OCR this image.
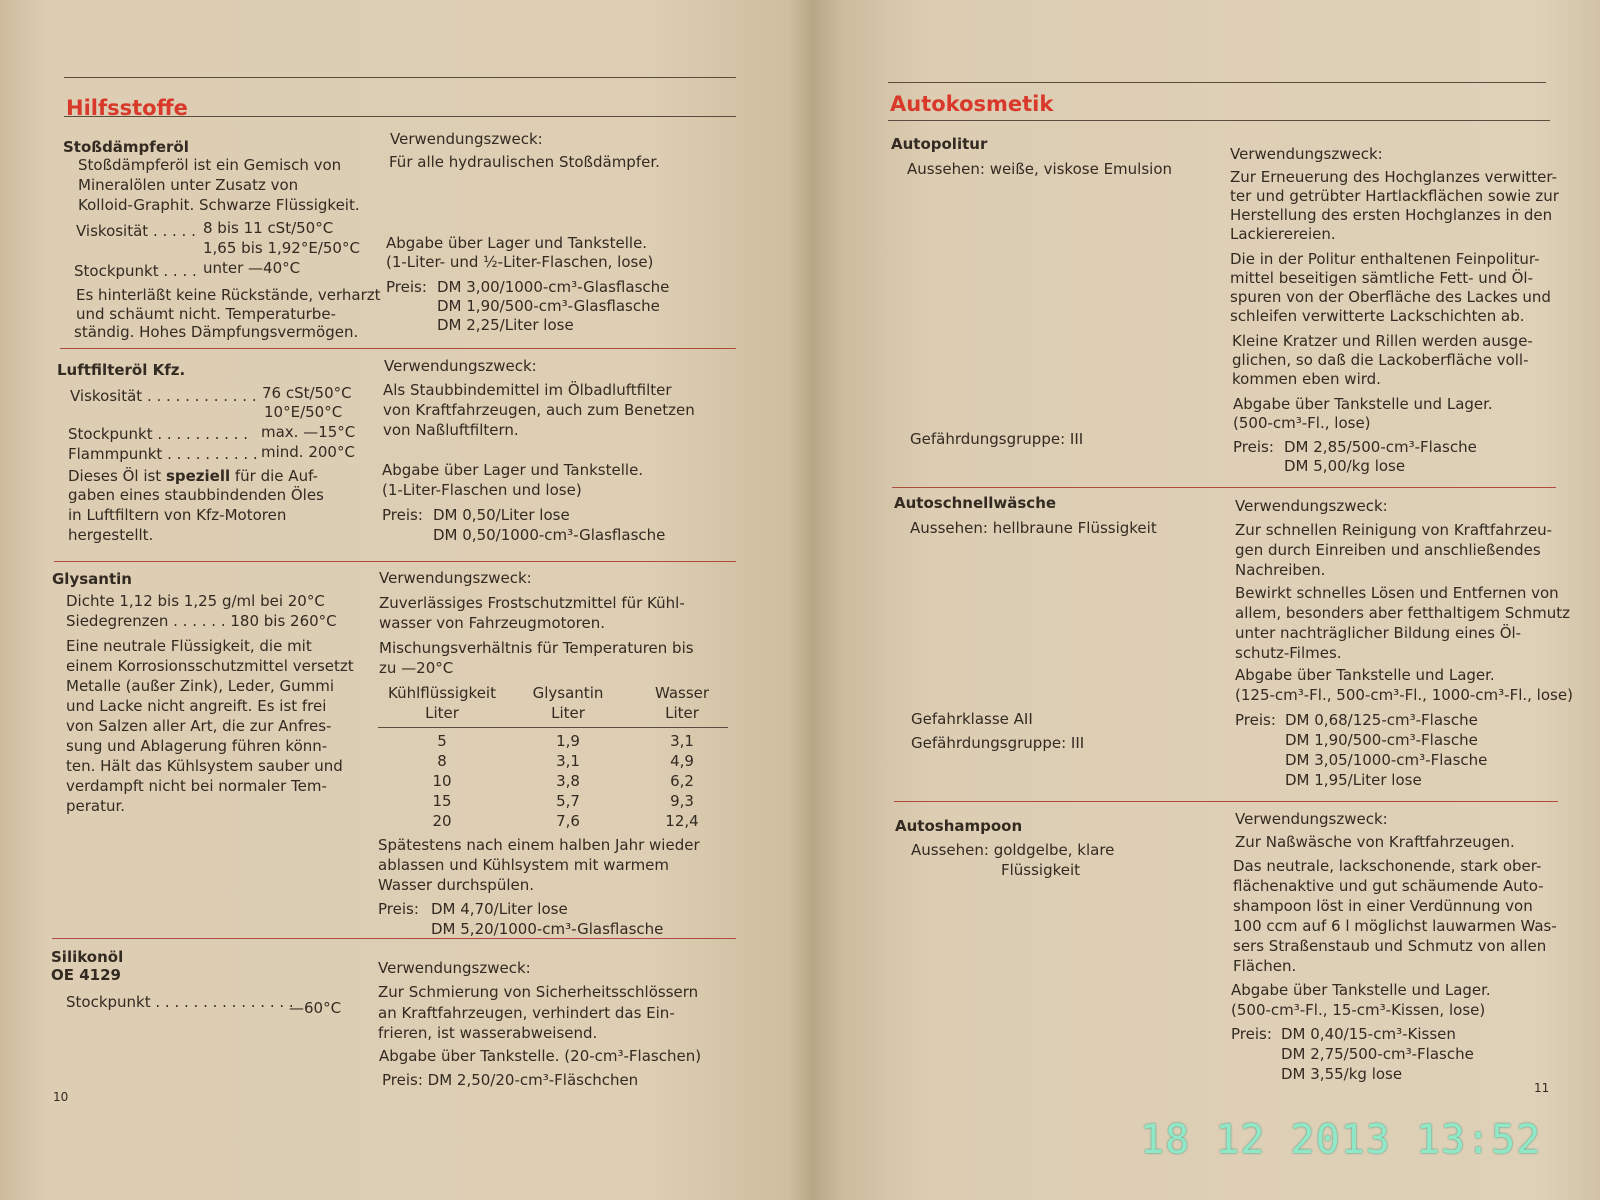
Hilfsstoffe
Stoßdämpferöl
Stoßdämpferöl ist ein Gemisch von
Mineralölen unter Zusatz von
Kolloid-Graphit. Schwarze Flüssigkeit.
Viskosität . . . . . 8 bis 11 cSt/50°C
1,65 bis 1,92°E/50°C
Stockpunkt . . . . unter —40°C
Es hinterläßt keine Rückstände, verharzt
und schäumt nicht. Temperaturbe-
ständig. Hohes Dämpfungsvermögen.
Verwendungszweck:
Für alle hydraulischen Stoßdämpfer.
Abgabe über Lager und Tankstelle.
(1-Liter- und ½-Liter-Flaschen, lose)
Preis: DM 3,00/1000-cm³-Glasflasche
DM 1,90/500-cm³-Glasflasche
DM 2,25/Liter lose
Luftfilteröl Kfz.
Viskosität . . . . . . . . . . . . 76 cSt/50°C
10°E/50°C
Stockpunkt . . . . . . . . . . max. —15°C
Flammpunkt . . . . . . . . . . mind. 200°C
Dieses Öl ist speziell für die Auf-
gaben eines staubbindenden Öles
in Luftfiltern von Kfz-Motoren
hergestellt.
Verwendungszweck:
Als Staubbindemittel im Ölbadluftfilter
von Kraftfahrzeugen, auch zum Benetzen
von Naßluftfiltern.
Abgabe über Lager und Tankstelle.
(1-Liter-Flaschen und lose)
Preis: DM 0,50/Liter lose
DM 0,50/1000-cm³-Glasflasche
Glysantin
Dichte 1,12 bis 1,25 g/ml bei 20°C
Siedegrenzen . . . . . . 180 bis 260°C
Eine neutrale Flüssigkeit, die mit
einem Korrosionsschutzmittel versetzt
Metalle (außer Zink), Leder, Gummi
und Lacke nicht angreift. Es ist frei
von Salzen aller Art, die zur Anfres-
sung und Ablagerung führen könn-
ten. Hält das Kühlsystem sauber und
verdampft nicht bei normaler Tem-
peratur.
Verwendungszweck:
Zuverlässiges Frostschutzmittel für Kühl-
wasser von Fahrzeugmotoren.
Mischungsverhältnis für Temperaturen bis
zu —20°C
Kühlflüssigkeit
Liter
Glysantin
Liter
Wasser
Liter
5	1,9	3,1
8	3,1	4,9
10	3,8	6,2
15	5,7	9,3
20	7,6	12,4
Spätestens nach einem halben Jahr wieder
ablassen und Kühlsystem mit warmem
Wasser durchspülen.
Preis: DM 4,70/Liter lose
DM 5,20/1000-cm³-Glasflasche
Silikonöl
OE 4129
Stockpunkt . . . . . . . . . . . . . . .
—60°C
Verwendungszweck:
Zur Schmierung von Sicherheitsschlössern
an Kraftfahrzeugen, verhindert das Ein-
frieren, ist wasserabweisend.
Abgabe über Tankstelle. (20-cm³-Flaschen)
Preis: DM 2,50/20-cm³-Fläschchen
10
Autokosmetik
Autopolitur
Aussehen: weiße, viskose Emulsion
Gefährdungsgruppe: III
Verwendungszweck:
Zur Erneuerung des Hochglanzes verwitter-
ter und getrübter Hartlackflächen sowie zur
Herstellung des ersten Hochglanzes in den
Lackierereien.
Die in der Politur enthaltenen Feinpolitur-
mittel beseitigen sämtliche Fett- und Öl-
spuren von der Oberfläche des Lackes und
schleifen verwitterte Lackschichten ab.
Kleine Kratzer und Rillen werden ausge-
glichen, so daß die Lackoberfläche voll-
kommen eben wird.
Abgabe über Tankstelle und Lager.
(500-cm³-Fl., lose)
Preis: DM 2,85/500-cm³-Flasche
DM 5,00/kg lose
Autoschnellwäsche
Aussehen: hellbraune Flüssigkeit
Gefahrklasse AII
Gefährdungsgruppe: III
Verwendungszweck:
Zur schnellen Reinigung von Kraftfahrzeu-
gen durch Einreiben und anschließendes
Nachreiben.
Bewirkt schnelles Lösen und Entfernen von
allem, besonders aber fetthaltigem Schmutz
unter nachträglicher Bildung eines Öl-
schutz-Filmes.
Abgabe über Tankstelle und Lager.
(125-cm³-Fl., 500-cm³-Fl., 1000-cm³-Fl., lose)
Preis: DM 0,68/125-cm³-Flasche
DM 1,90/500-cm³-Flasche
DM 3,05/1000-cm³-Flasche
DM 1,95/Liter lose
Autoshampoon
Aussehen: goldgelbe, klare
Flüssigkeit
Verwendungszweck:
Zur Naßwäsche von Kraftfahrzeugen.
Das neutrale, lackschonende, stark ober-
flächenaktive und gut schäumende Auto-
shampoon löst in einer Verdünnung von
100 ccm auf 6 l möglichst lauwarmen Was-
sers Straßenstaub und Schmutz von allen
Flächen.
Abgabe über Tankstelle und Lager.
(500-cm³-Fl., 15-cm³-Kissen, lose)
Preis: DM 0,40/15-cm³-Kissen
DM 2,75/500-cm³-Flasche
DM 3,55/kg lose
11
18 12 2013 13:52
